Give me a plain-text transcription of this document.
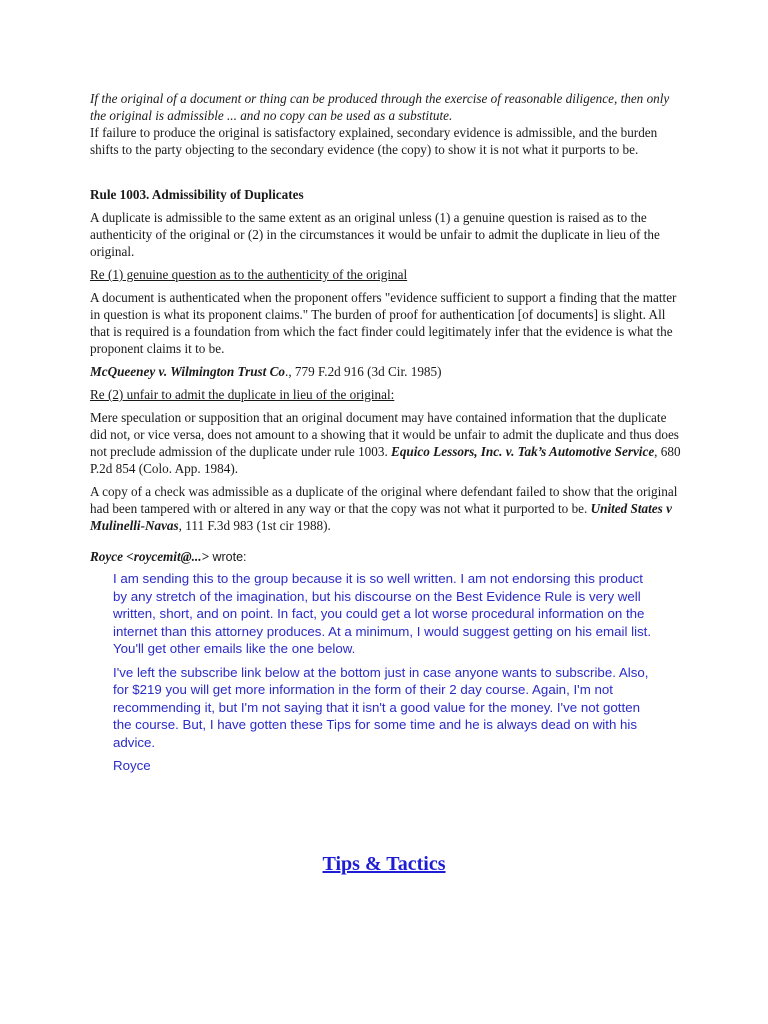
If the original of a document or thing can be produced through the exercise of reasonable diligence, then only the original is admissible ... and no copy can be used as a substitute.

If failure to produce the original is satisfactory explained, secondary evidence is admissible, and the burden shifts to the party objecting to the secondary evidence (the copy) to show it is not what it purports to be.

Rule 1003. Admissibility of Duplicates

A duplicate is admissible to the same extent as an original unless (1) a genuine question is raised as to the authenticity of the original or (2) in the circumstances it would be unfair to admit the duplicate in lieu of the original.

Re (1) genuine question as to the authenticity of the original

A document is authenticated when the proponent offers "evidence sufficient to support a finding that the matter in question is what its proponent claims." The burden of proof for authentication [of documents] is slight. All that is required is a foundation from which the fact finder could legitimately infer that the evidence is what the proponent claims it to be.

McQueeney v. Wilmington Trust Co., 779 F.2d 916 (3d Cir. 1985)

Re (2) unfair to admit the duplicate in lieu of the original:

Mere speculation or supposition that an original document may have contained information that the duplicate did not, or vice versa, does not amount to a showing that it would be unfair to admit the duplicate and thus does not preclude admission of the duplicate under rule 1003. Equico Lessors, Inc. v. Tak’s Automotive Service, 680 P.2d 854 (Colo. App. 1984).

A copy of a check was admissible as a duplicate of the original where defendant failed to show that the original had been tampered with or altered in any way or that the copy was not what it purported to be. United States v Mulinelli-Navas, 111 F.3d 983 (1st cir 1988).

Royce <roycemit@...> wrote:

I am sending this to the group because it is so well written. I am not endorsing this product by any stretch of the imagination, but his discourse on the Best Evidence Rule is very well written, short, and on point. In fact, you could get a lot worse procedural information on the internet than this attorney produces. At a minimum, I would suggest getting on his email list. You'll get other emails like the one below.

I've left the subscribe link below at the bottom just in case anyone wants to subscribe. Also, for $219 you will get more information in the form of their 2 day course. Again, I'm not recommending it, but I'm not saying that it isn't a good value for the money. I've not gotten the course. But, I have gotten these Tips for some time and he is always dead on with his advice.

Royce

Tips & Tactics
